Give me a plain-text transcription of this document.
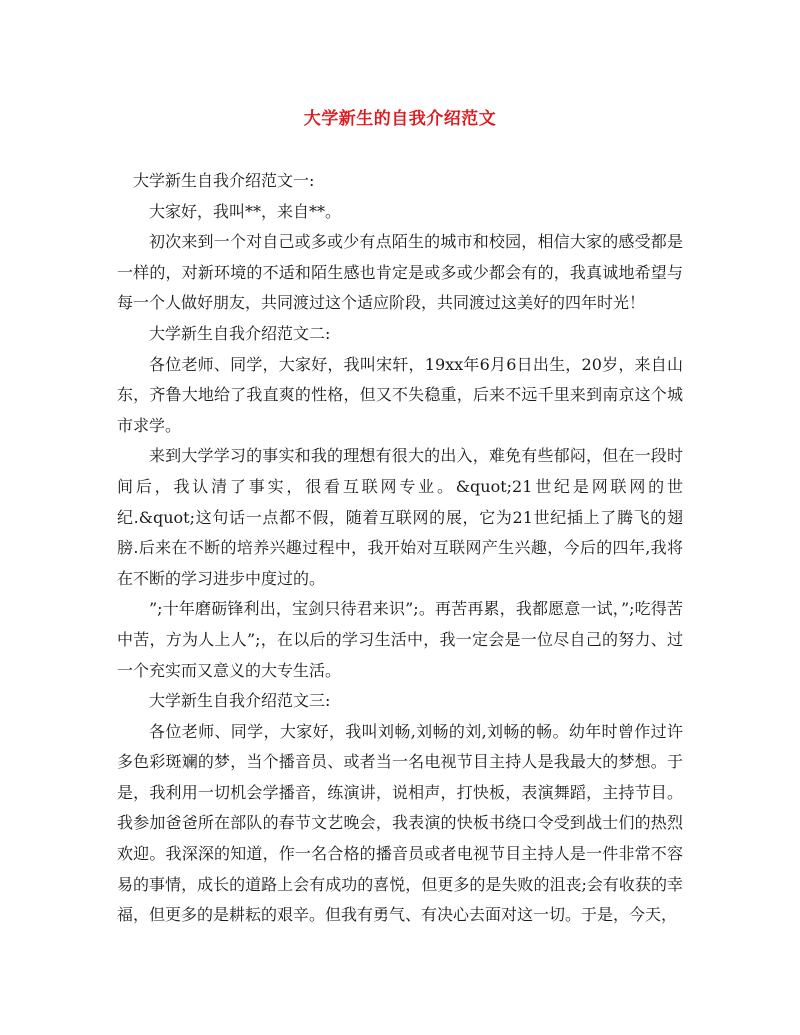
大学新生的自我介绍范文

大学新生自我介绍范文一:

大家好，我叫**，来自**。

初次来到一个对自己或多或少有点陌生的城市和校园，相信大家的感受都是一样的，对新环境的不适和陌生感也肯定是或多或少都会有的，我真诚地希望与每一个人做好朋友，共同渡过这个适应阶段，共同渡过这美好的四年时光！

大学新生自我介绍范文二:

各位老师、同学，大家好，我叫宋轩，19xx年6月6日出生，20岁，来自山东，齐鲁大地给了我直爽的性格，但又不失稳重，后来不远千里来到南京这个城市求学。

来到大学学习的事实和我的理想有很大的出入，难免有些郁闷，但在一段时间后，我认清了事实，很看互联网专业。&quot;21世纪是网联网的世纪.&quot;这句话一点都不假，随着互联网的展，它为21世纪插上了腾飞的翅膀.后来在不断的培养兴趣过程中，我开始对互联网产生兴趣，今后的四年,我将在不断的学习进步中度过的。

”;十年磨砺锋利出，宝剑只待君来识”;。再苦再累，我都愿意一试，”;吃得苦中苦，方为人上人”;，在以后的学习生活中，我一定会是一位尽自己的努力、过一个充实而又意义的大专生活。

大学新生自我介绍范文三:

各位老师、同学，大家好，我叫刘畅,刘畅的刘,刘畅的畅。幼年时曾作过许多色彩斑斓的梦，当个播音员、或者当一名电视节目主持人是我最大的梦想。于是，我利用一切机会学播音，练演讲，说相声，打快板，表演舞蹈，主持节目。我参加爸爸所在部队的春节文艺晚会，我表演的快板书绕口令受到战士们的热烈欢迎。我深深的知道，作一名合格的播音员或者电视节目主持人是一件非常不容易的事情，成长的道路上会有成功的喜悦，但更多的是失败的沮丧;会有收获的幸福，但更多的是耕耘的艰辛。但我有勇气、有决心去面对这一切。于是，今天，
